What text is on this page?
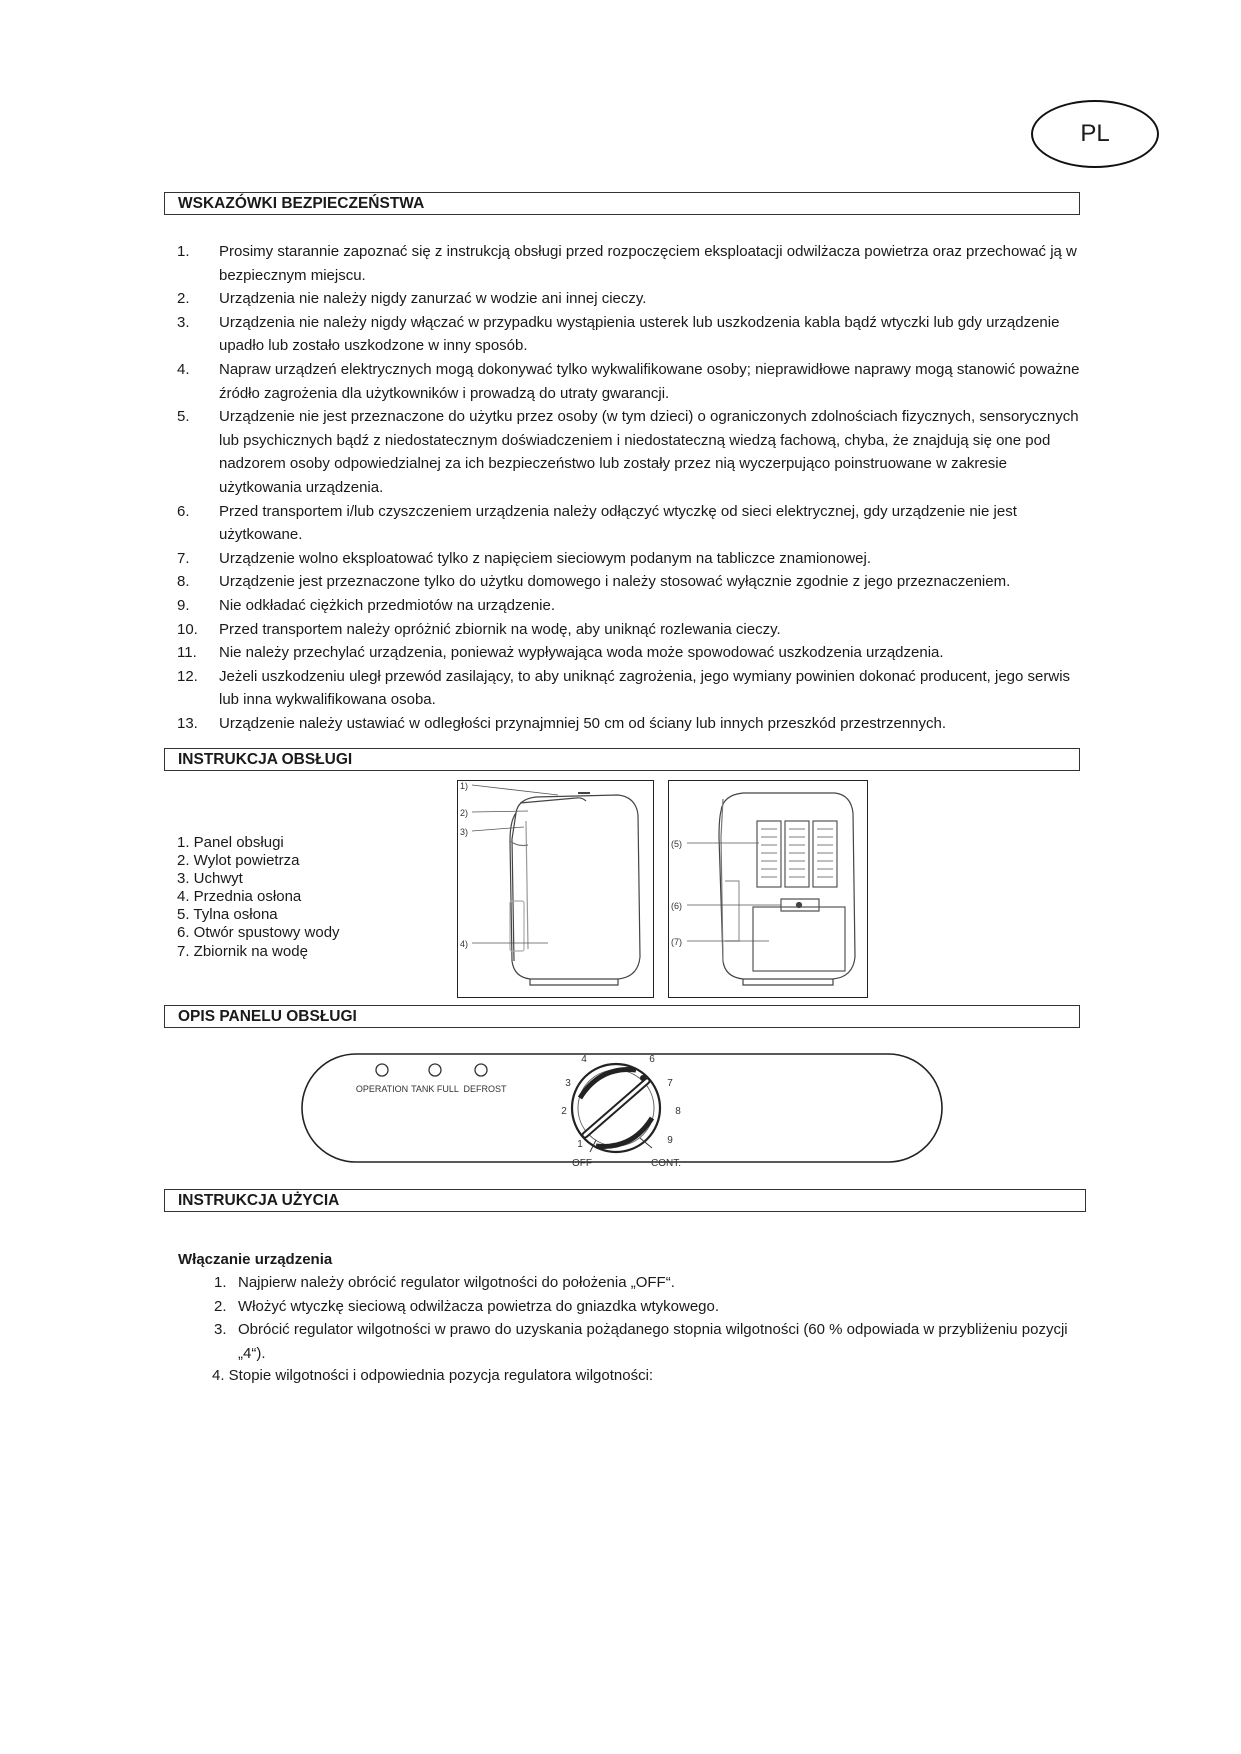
PL
WSKAZÓWKI BEZPIECZEŃSTWA
1. Prosimy starannie zapoznać się z instrukcją obsługi przed rozpoczęciem eksploatacji odwilżacza powietrza oraz przechować ją w bezpiecznym miejscu.
2. Urządzenia nie należy nigdy zanurzać w wodzie ani innej cieczy.
3. Urządzenia nie należy nigdy włączać w przypadku wystąpienia usterek lub uszkodzenia kabla bądź wtyczki lub gdy urządzenie upadło lub zostało uszkodzone w inny sposób.
4. Napraw urządzeń elektrycznych mogą dokonywać tylko wykwalifikowane osoby; nieprawidłowe naprawy mogą stanowić poważne źródło zagrożenia dla użytkowników i prowadzą do utraty gwarancji.
5. Urządzenie nie jest przeznaczone do użytku przez osoby (w tym dzieci) o ograniczonych zdolnościach fizycznych, sensorycznych lub psychicznych bądź z niedostatecznym doświadczeniem i niedostateczną wiedzą fachową, chyba, że znajdują się one pod nadzorem osoby odpowiedzialnej za ich bezpieczeństwo lub zostały przez nią wyczerpująco poinstruowane w zakresie użytkowania urządzenia.
6. Przed transportem i/lub czyszczeniem urządzenia należy odłączyć wtyczkę od sieci elektrycznej, gdy urządzenie nie jest użytkowane.
7. Urządzenie wolno eksploatować tylko z napięciem sieciowym podanym na tabliczce znamionowej.
8. Urządzenie jest przeznaczone tylko do użytku domowego i należy stosować wyłącznie zgodnie z jego przeznaczeniem.
9. Nie odkładać ciężkich przedmiotów na urządzenie.
10. Przed transportem należy opróżnić zbiornik na wodę, aby uniknąć rozlewania cieczy.
11. Nie należy przechylać urządzenia, ponieważ wypływająca woda może spowodować uszkodzenia urządzenia.
12. Jeżeli uszkodzeniu uległ przewód zasilający, to aby uniknąć zagrożenia, jego wymiany powinien dokonać producent, jego serwis lub inna wykwalifikowana osoba.
13. Urządzenie należy ustawiać w odległości przynajmniej 50 cm od ściany lub innych przeszkód przestrzennych.
INSTRUKCJA OBSŁUGI
1. Panel obsługi
2. Wylot powietrza
3. Uchwyt
4. Przednia osłona
5. Tylna osłona
6. Otwór spustowy wody
7. Zbiornik na wodę
1)
2)
3)
4)
(5)
(6)
(7)
OPIS PANELU OBSŁUGI
OPERATION TANK FULL DEFROST
1
2
3
4	6
7
8
9
OFF	CONT.
INSTRUKCJA UŻYCIA
Włączanie urządzenia
1. Najpierw należy obrócić regulator wilgotności do położenia „OFF“.
2. Włożyć wtyczkę sieciową odwilżacza powietrza do gniazdka wtykowego.
3. Obrócić regulator wilgotności w prawo do uzyskania pożądanego stopnia wilgotności (60 % odpowiada w przybliżeniu pozycji „4“).
4. Stopie wilgotności i odpowiednia pozycja regulatora wilgotności:
